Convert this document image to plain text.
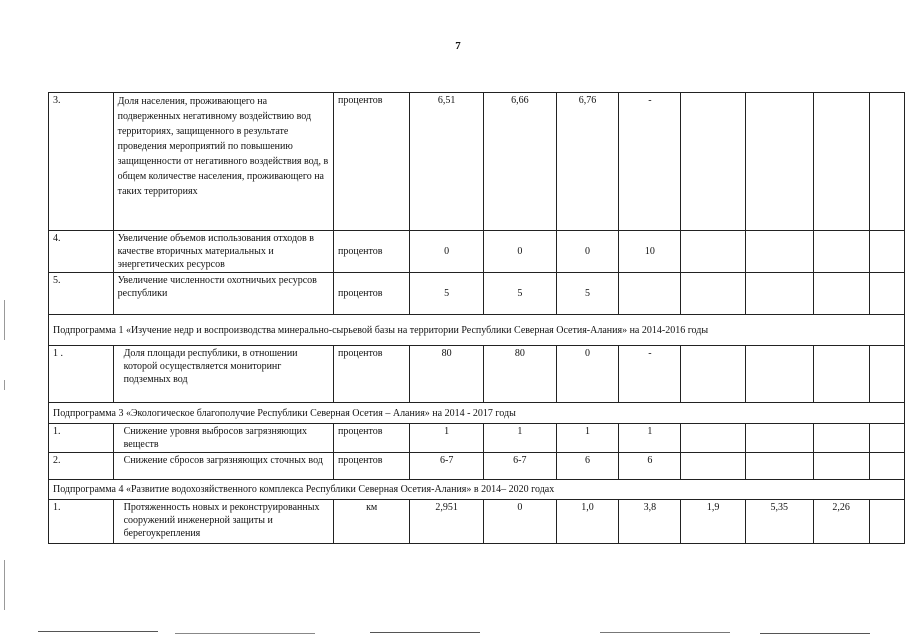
7
3.	Доля населения, проживающего на подверженных негативному воздействию вод территориях, защищенного в результате проведения мероприятий по повышению защищенности от негативного воздействия вод, в общем количестве населения, проживающего на таких территориях	процентов	6,51	6,66	6,76	-				
4.	Увеличение объемов использования отходов в качестве вторичных материальных и энергетических ресурсов	процентов	0	0	0	10				
5.	Увеличение численности охотничьих ресурсов республики	процентов	5	5	5					
Подпрограмма 1 «Изучение недр и воспроизводства минерально-сырьевой базы на территории Республики Северная Осетия-Алания» на 2014-2016 годы										
1 .	Доля площади республики, в отношении которой осуществляется мониторинг подземных вод	процентов	80	80	0	-				
Подпрограмма 3 «Экологическое благополучие Республики Северная Осетия – Алания» на 2014 - 2017 годы										
1.	Снижение уровня выбросов загрязняющих веществ	процентов	1	1	1	1				
2.	Снижение сбросов загрязняющих сточных вод	процентов	6-7	6-7	6	6				
Подпрограмма 4 «Развитие водохозяйственного комплекса Республики Северная Осетия-Алания» в 2014– 2020 годах										
1.	Протяженность новых и реконструированных сооружений инженерной защиты и берегоукрепления	км	2,951	0	1,0	3,8	1,9	5,35	2,26	
